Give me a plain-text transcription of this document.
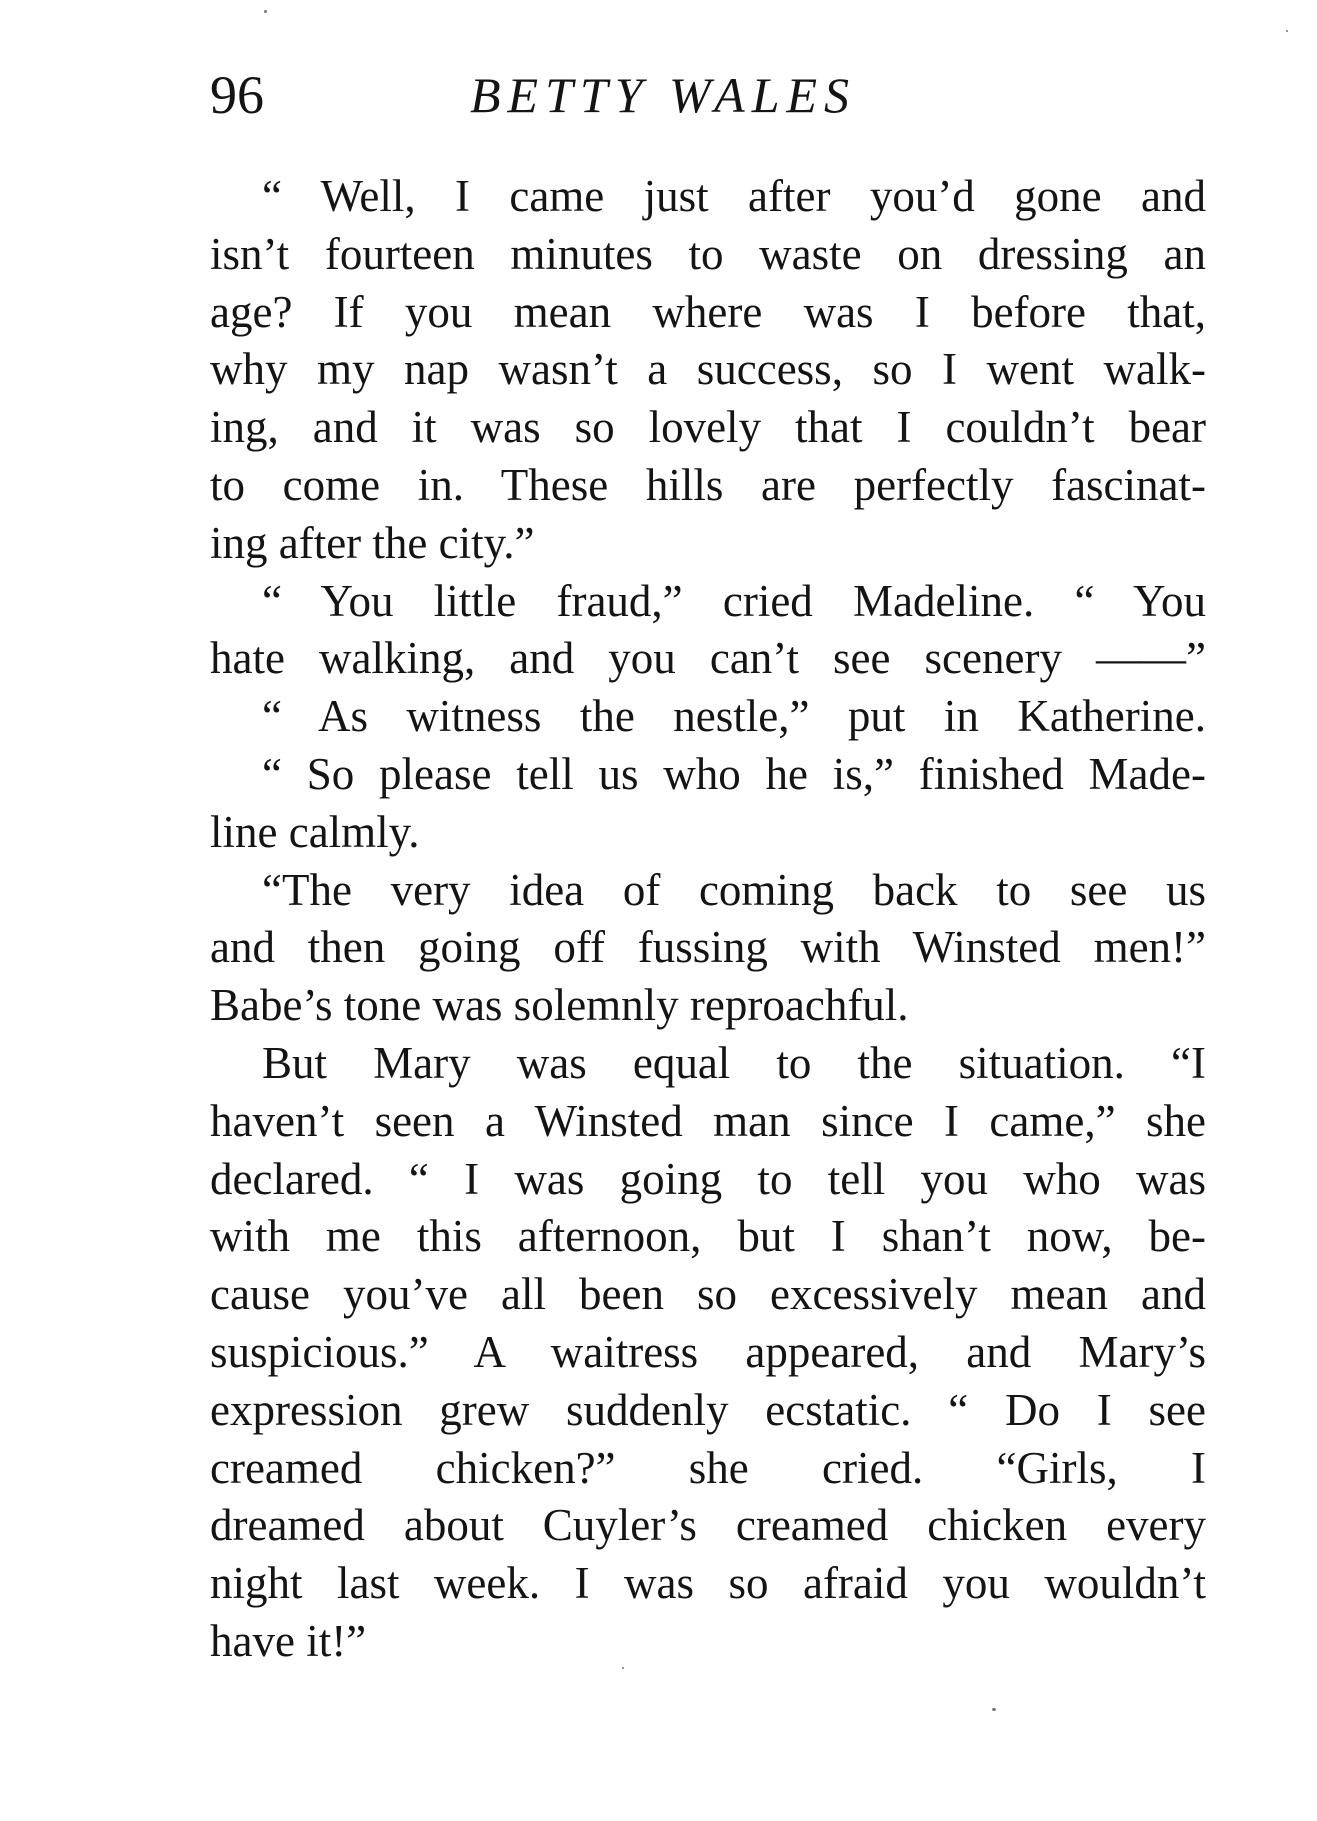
96	BETTY WALES
“ Well, I came just after you’d gone and
isn’t fourteen minutes to waste on dressing an
age? If you mean where was I before that,
why my nap wasn’t a success, so I went walk-
ing, and it was so lovely that I couldn’t bear
to come in. These hills are perfectly fascinat-
ing after the city.”
“ You little fraud,” cried Madeline. “ You
hate walking, and you can’t see scenery ——”
“ As witness the nestle,” put in Katherine.
“ So please tell us who he is,” finished Made-
line calmly.
“The very idea of coming back to see us
and then going off fussing with Winsted men!”
Babe’s tone was solemnly reproachful.
But Mary was equal to the situation. “I
haven’t seen a Winsted man since I came,” she
declared. “ I was going to tell you who was
with me this afternoon, but I shan’t now, be-
cause you’ve all been so excessively mean and
suspicious.” A waitress appeared, and Mary’s
expression grew suddenly ecstatic. “ Do I see
creamed chicken?” she cried. “Girls, I
dreamed about Cuyler’s creamed chicken every
night last week. I was so afraid you wouldn’t
have it!”
